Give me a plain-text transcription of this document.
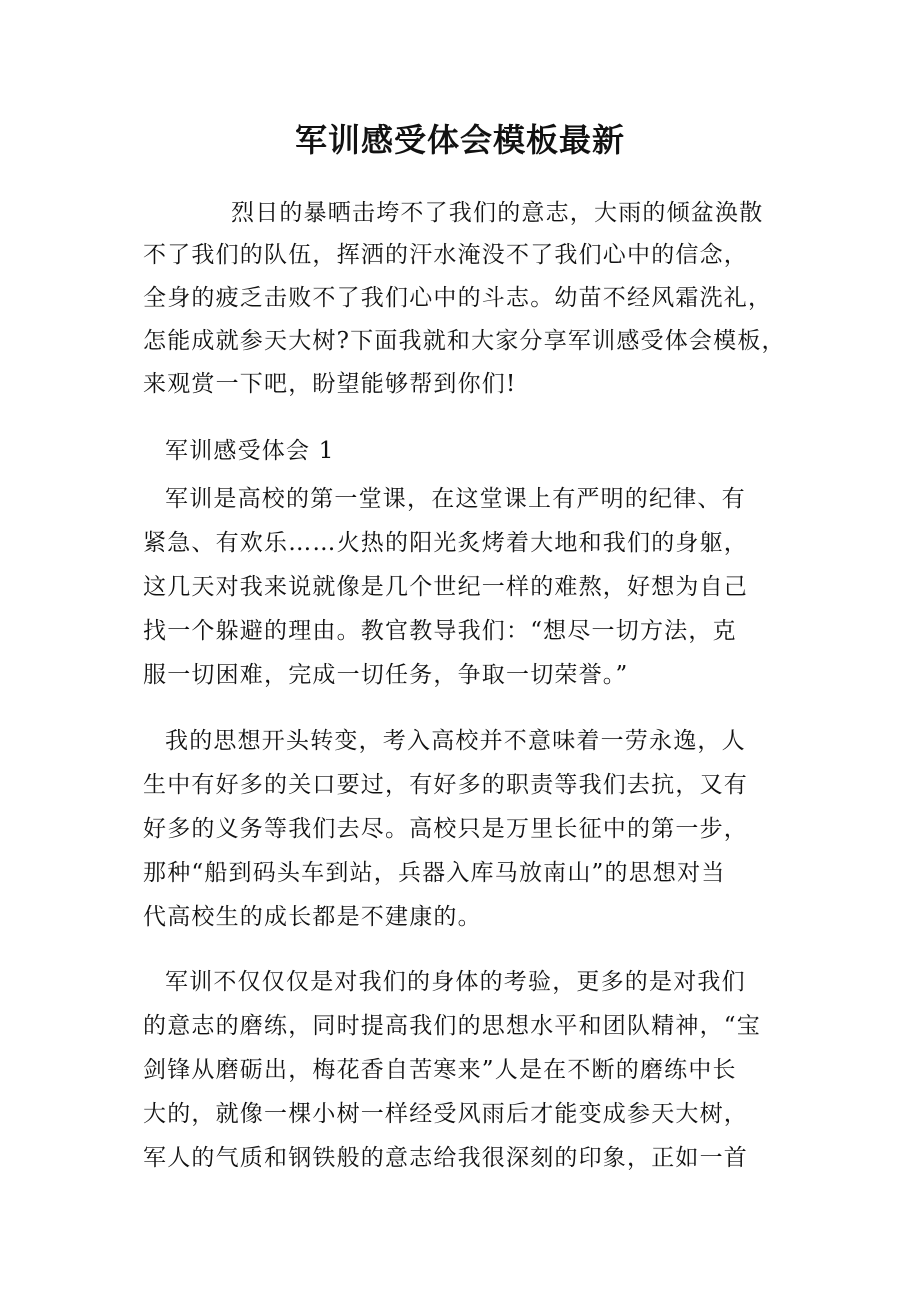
军训感受体会模板最新

烈日的暴晒击垮不了我们的意志，大雨的倾盆涣散

不了我们的队伍，挥洒的汗水淹没不了我们心中的信念，

全身的疲乏击败不了我们心中的斗志。幼苗不经风霜洗礼，

怎能成就参天大树?下面我就和大家分享军训感受体会模板，

来观赏一下吧，盼望能够帮到你们!

军训感受体会 1

军训是高校的第一堂课，在这堂课上有严明的纪律、有

紧急、有欢乐……火热的阳光炙烤着大地和我们的身躯，

这几天对我来说就像是几个世纪一样的难熬，好想为自己

找一个躲避的理由。教官教导我们：“想尽一切方法，克

服一切困难，完成一切任务，争取一切荣誉。”

我的思想开头转变，考入高校并不意味着一劳永逸，人

生中有好多的关口要过，有好多的职责等我们去抗，又有

好多的义务等我们去尽。高校只是万里长征中的第一步，

那种“船到码头车到站，兵器入库马放南山”的思想对当

代高校生的成长都是不建康的。

军训不仅仅仅是对我们的身体的考验，更多的是对我们

的意志的磨练，同时提高我们的思想水平和团队精神，“宝

剑锋从磨砺出，梅花香自苦寒来”人是在不断的磨练中长

大的，就像一棵小树一样经受风雨后才能变成参天大树，

军人的气质和钢铁般的意志给我很深刻的印象，正如一首
